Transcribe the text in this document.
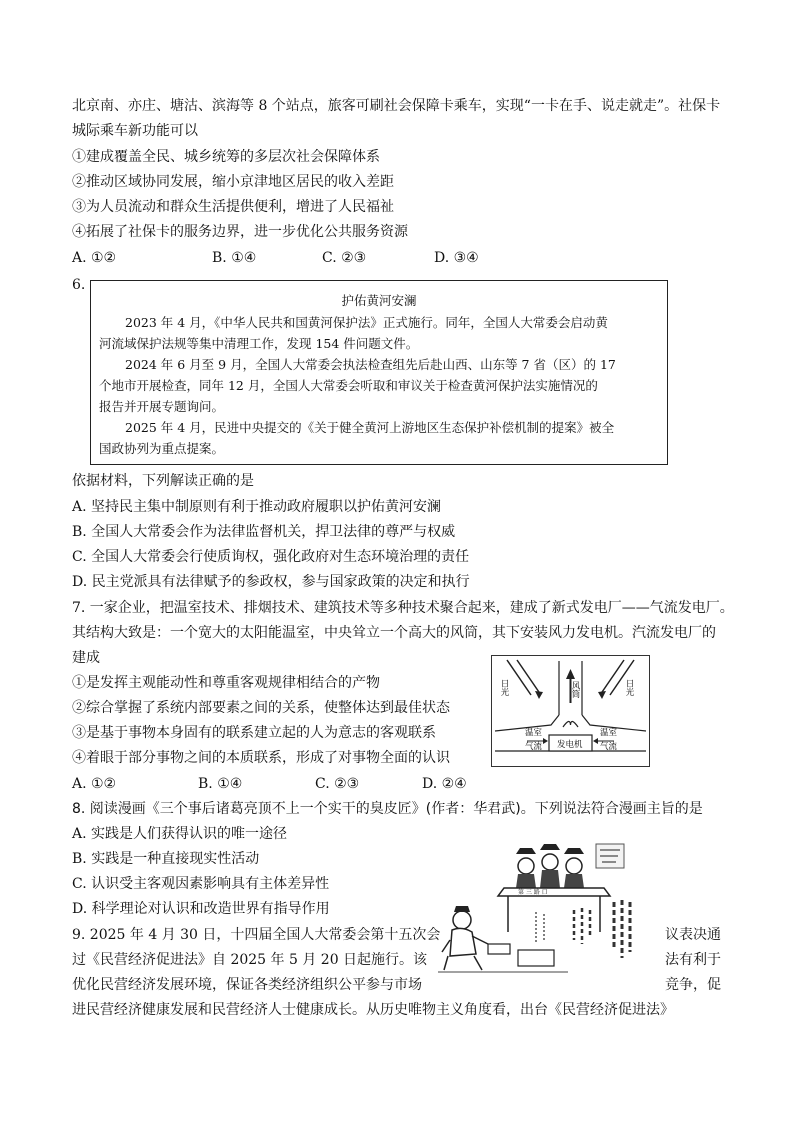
北京南、亦庄、塘沽、滨海等 8 个站点，旅客可刷社会保障卡乘车，实现“一卡在手、说走就走”。社保卡
城际乘车新功能可以
①建成覆盖全民、城乡统筹的多层次社会保障体系
②推动区域协同发展，缩小京津地区居民的收入差距
③为人员流动和群众生活提供便利，增进了人民福祉
④拓展了社保卡的服务边界，进一步优化公共服务资源
A. ①②	B. ①④	C. ②③	D. ③④
6.
护佑黄河安澜
2023 年 4 月，《中华人民共和国黄河保护法》正式施行。同年，全国人大常委会启动黄
河流域保护法规等集中清理工作，发现 154 件问题文件。
2024 年 6 月至 9 月，全国人大常委会执法检查组先后赴山西、山东等 7 省（区）的 17
个地市开展检查，同年 12 月，全国人大常委会听取和审议关于检查黄河保护法实施情况的
报告并开展专题询问。
2025 年 4 月，民进中央提交的《关于健全黄河上游地区生态保护补偿机制的提案》被全
国政协列为重点提案。
依据材料，下列解读正确的是
A. 坚持民主集中制原则有利于推动政府履职以护佑黄河安澜
B. 全国人大常委会作为法律监督机关，捍卫法律的尊严与权威
C. 全国人大常委会行使质询权，强化政府对生态环境治理的责任
D. 民主党派具有法律赋予的参政权，参与国家政策的决定和执行
7. 一家企业，把温室技术、排烟技术、建筑技术等多种技术聚合起来，建成了新式发电厂——气流发电厂。
其结构大致是：一个宽大的太阳能温室，中央耸立一个高大的风筒，其下安装风力发电机。汽流发电厂的
建成
①是发挥主观能动性和尊重客观规律相结合的产物
②综合掌握了系统内部要素之间的关系，使整体达到最佳状态
③是基于事物本身固有的联系建立起的人为意志的客观联系
④着眼于部分事物之间的本质联系，形成了对事物全面的认识
A. ①②	B. ①④	C. ②③	D. ②④
日光	日光
风筒
温室
气流
温室
气流
发电机
8. 阅读漫画《三个事后诸葛亮顶不上一个实干的臭皮匠》(作者：华君武)。下列说法符合漫画主旨的是
A. 实践是人们获得认识的唯一途径
B. 实践是一种直接现实性活动
C. 认识受主客观因素影响具有主体差异性
D. 科学理论对认识和改造世界有指导作用
第 三 路 口
9. 2025 年 4 月 30 日，十四届全国人大常委会第十五次会	议表决通
过《民营经济促进法》自 2025 年 5 月 20 日起施行。该	法有利于
优化民营经济发展环境，保证各类经济组织公平参与市场	竞争，促
进民营经济健康发展和民营经济人士健康成长。从历史唯物主义角度看，出台《民营经济促进法》
